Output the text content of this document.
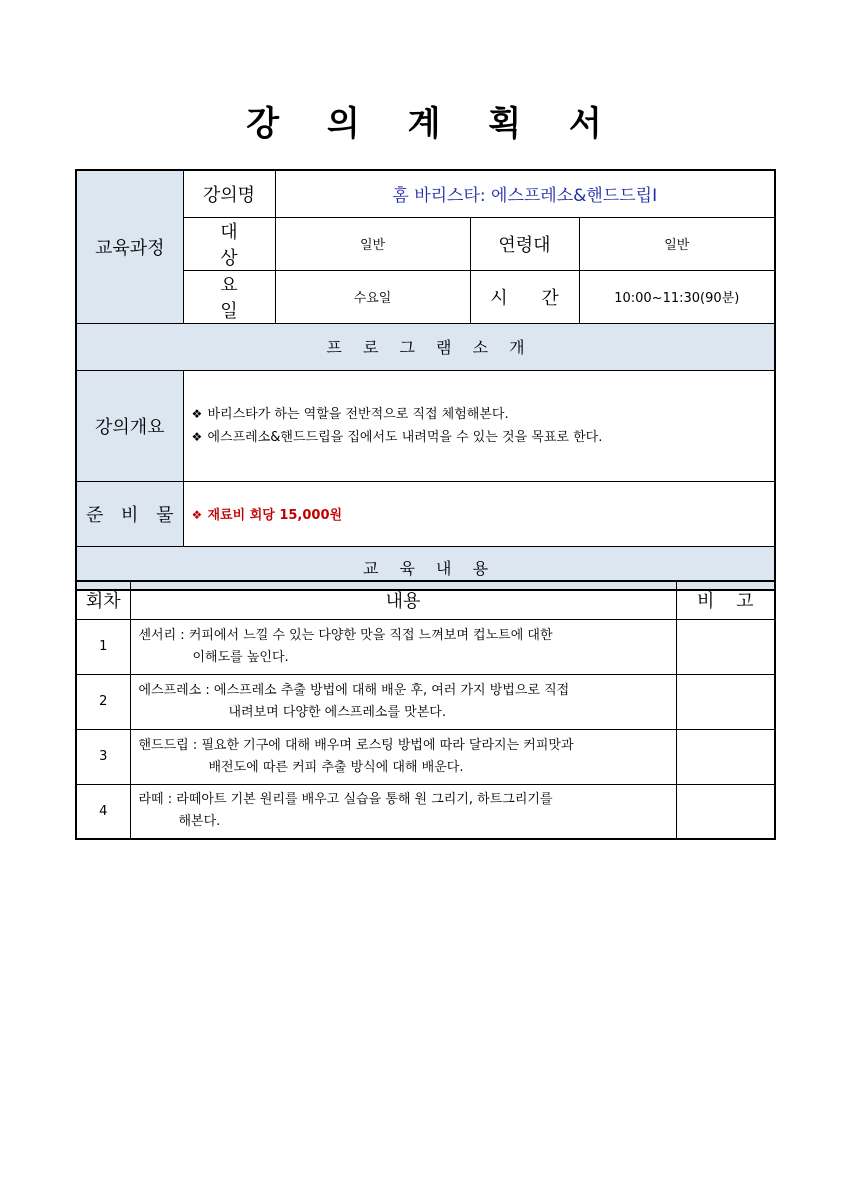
강 의 계 획 서
교육과정	강의명	홈 바리스타: 에스프레소&핸드드립Ⅰ		
	대 상	일반	연령대	일반
	요 일	수요일	시 간	10:00~11:30(90분)
프 로 그 램 소 개				
강의개요	❖ 바리스타가 하는 역할을 전반적으로 직접 체험해본다.
❖ 에스프레소&핸드드립을 집에서도 내려먹을 수 있는 것을 목표로 한다.			

준 비 물	❖ 재료비 회당 15,000원			
교 육 내 용				
회차	내용	비 고
1	센서리 : 커피에서 느낄 수 있는 다양한 맛을 직접 느껴보며 컵노트에 대한
이해도를 높인다.	

2	에스프레소 : 에스프레소 추출 방법에 대해 배운 후, 여러 가지 방법으로 직접
내려보며 다양한 에스프레소를 맛본다.	

3	핸드드립 : 필요한 기구에 대해 배우며 로스팅 방법에 따라 달라지는 커피맛과
배전도에 따른 커피 추출 방식에 대해 배운다.	

4	라떼 : 라떼아트 기본 원리를 배우고 실습을 통해 원 그리기, 하트그리기를
해본다.	
